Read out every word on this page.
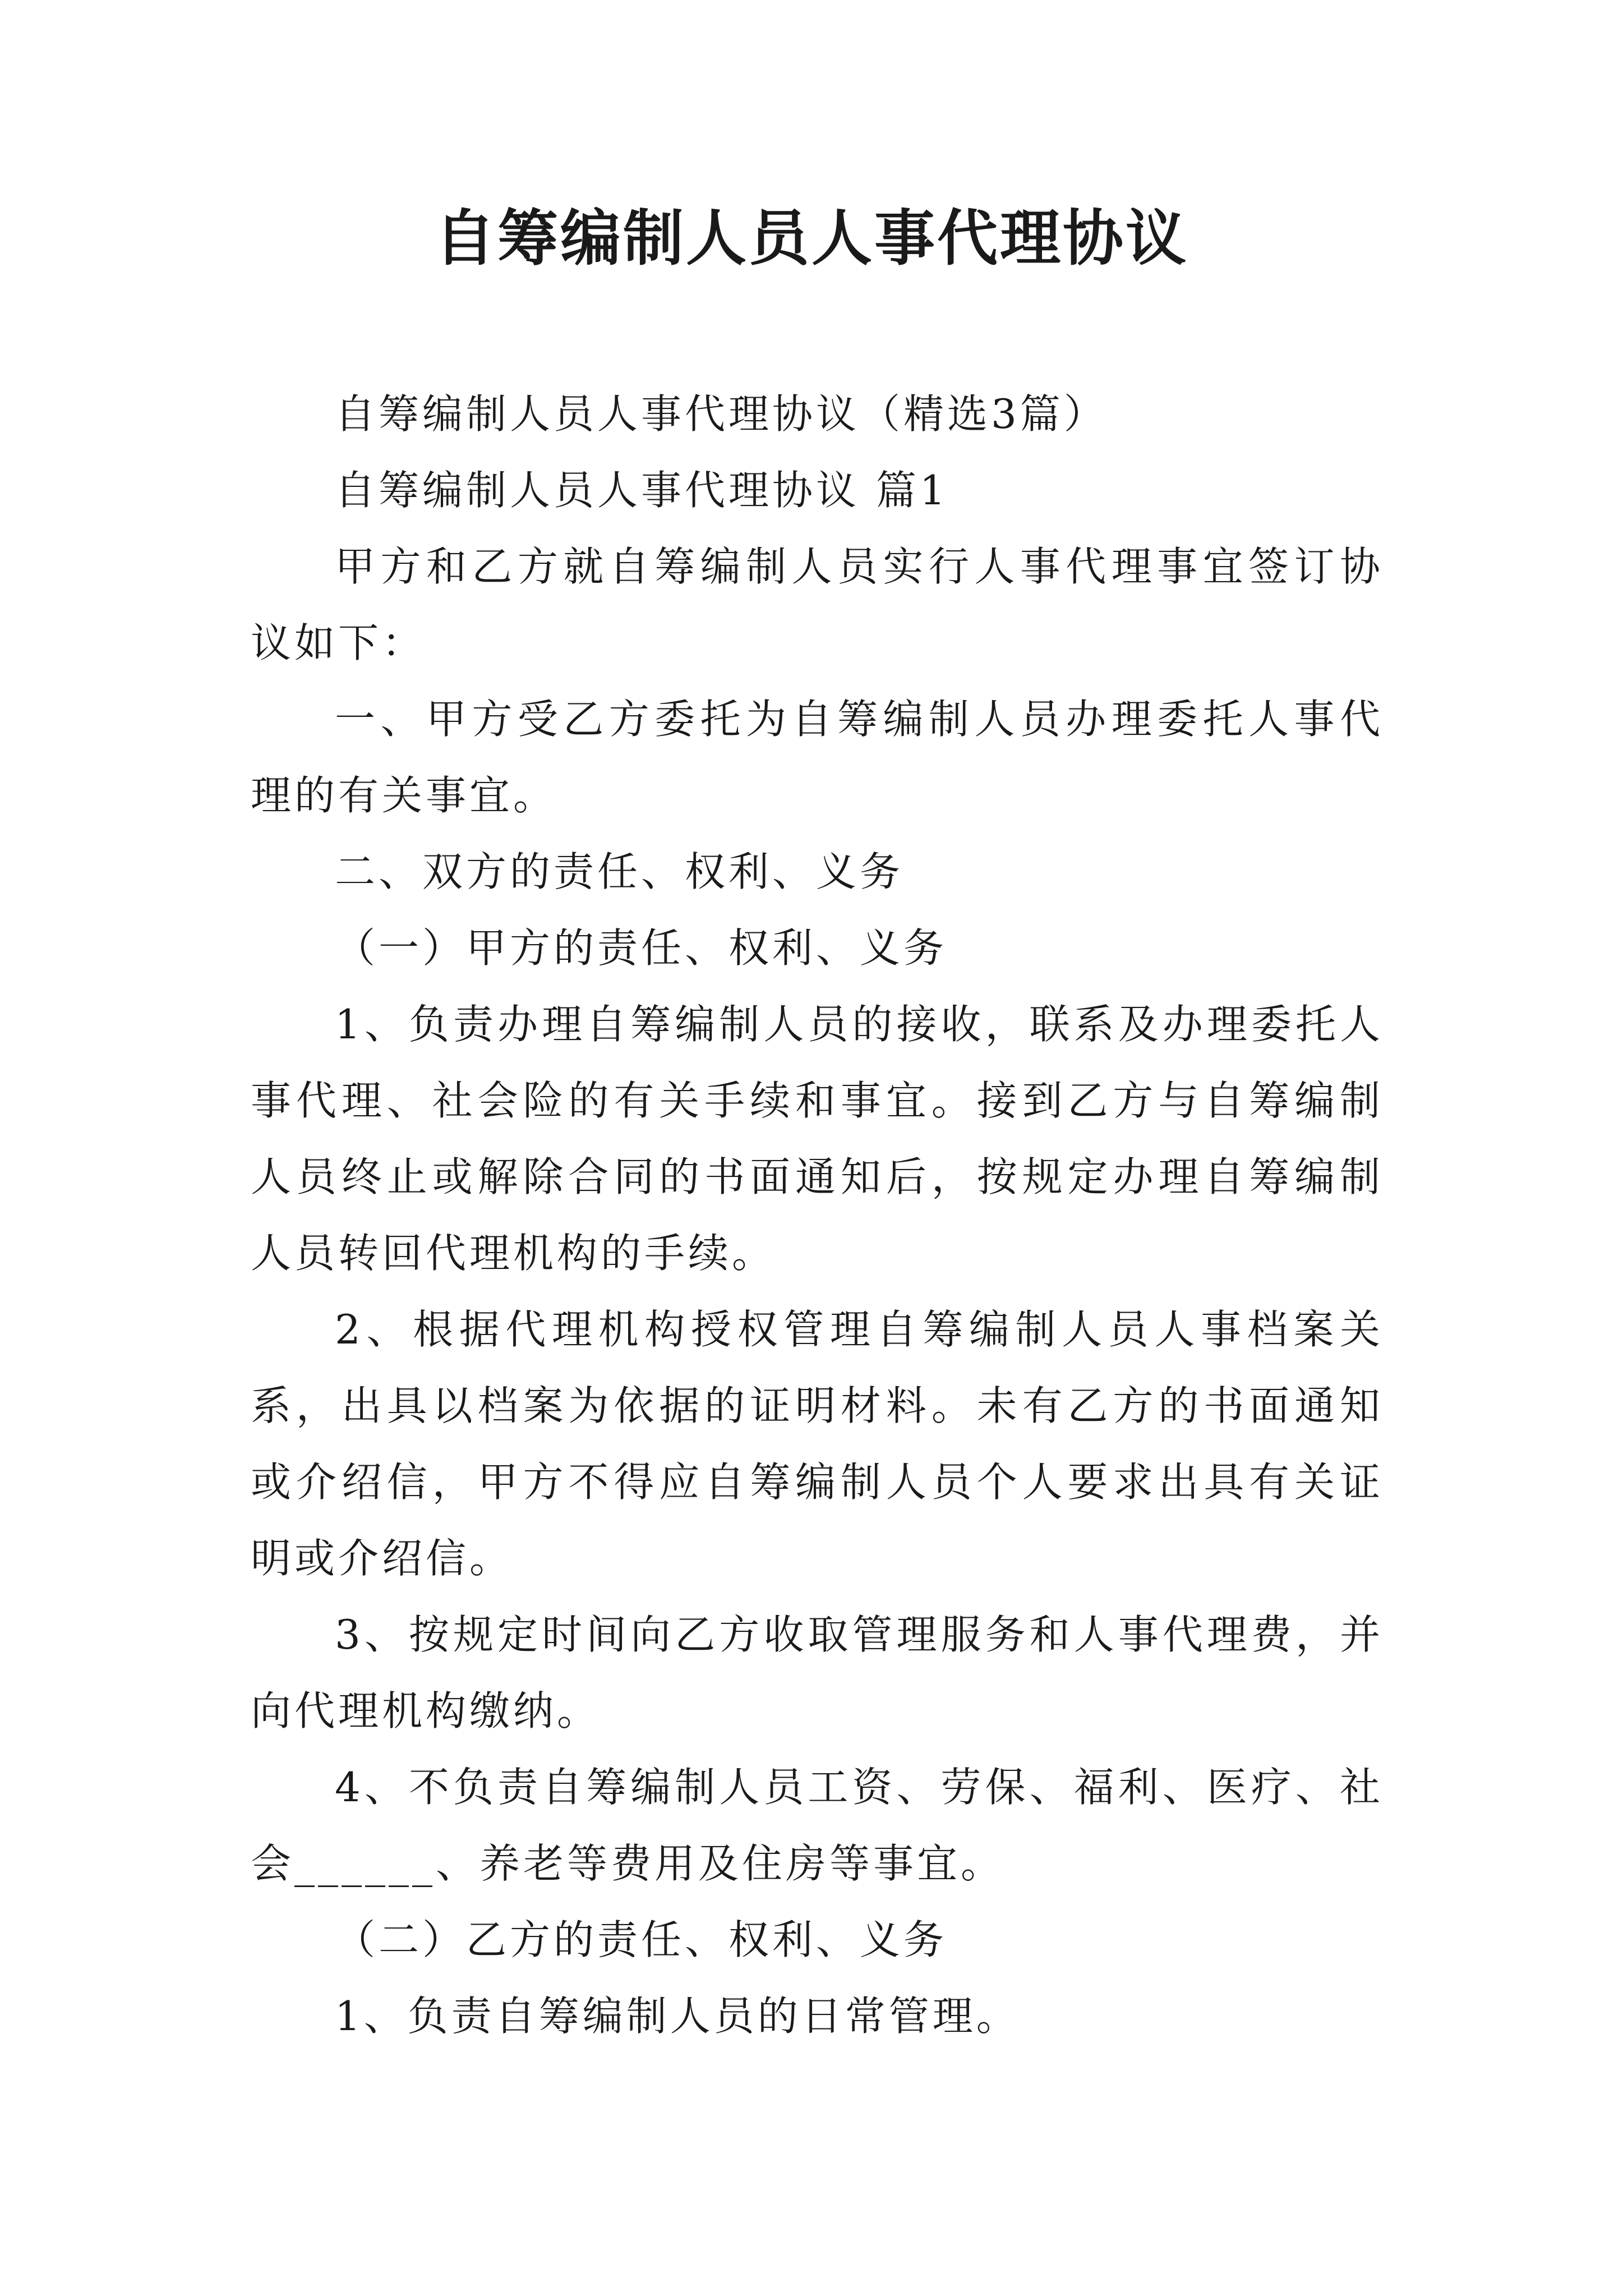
自筹编制人员人事代理协议

自筹编制人员人事代理协议（精选3篇）

自筹编制人员人事代理协议 篇1

甲方和乙方就自筹编制人员实行人事代理事宜签订协议如下：

一、甲方受乙方委托为自筹编制人员办理委托人事代理的有关事宜。

二、双方的责任、权利、义务

（一）甲方的责任、权利、义务

1、负责办理自筹编制人员的接收，联系及办理委托人事代理、社会险的有关手续和事宜。接到乙方与自筹编制人员终止或解除合同的书面通知后，按规定办理自筹编制人员转回代理机构的手续。

2、根据代理机构授权管理自筹编制人员人事档案关系，出具以档案为依据的证明材料。未有乙方的书面通知或介绍信，甲方不得应自筹编制人员个人要求出具有关证明或介绍信。

3、按规定时间向乙方收取管理服务和人事代理费，并向代理机构缴纳。

4、不负责自筹编制人员工资、劳保、福利、医疗、社会______、养老等费用及住房等事宜。

（二）乙方的责任、权利、义务

1、负责自筹编制人员的日常管理。
